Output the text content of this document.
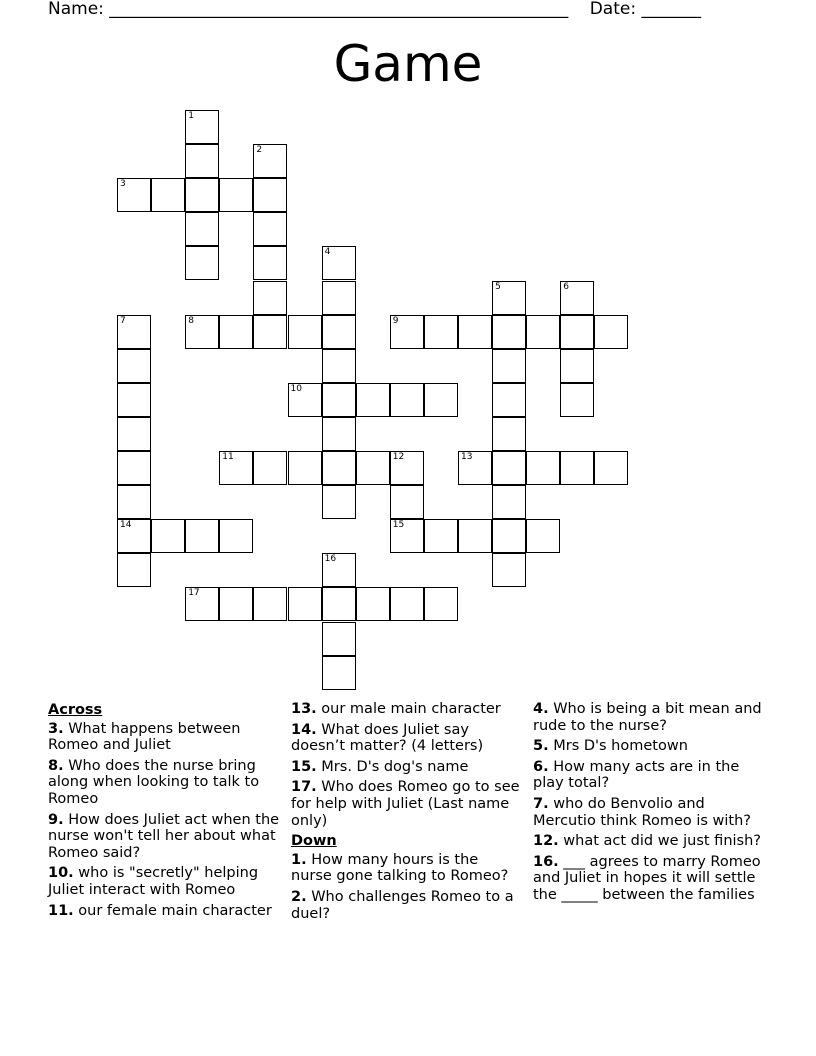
Name: ______________________________________________________ Date: _______
Game
1
2
3
4
5	6
7	8	9
10
11	12	13
14	15
16
17
Across
3. What happens between Romeo and Juliet
8. Who does the nurse bring along when looking to talk to Romeo
9. How does Juliet act when the nurse won't tell her about what Romeo said?
10. who is "secretly" helping Juliet interact with Romeo
11. our female main character
13. our male main character
14. What does Juliet say doesn’t matter? (4 letters)
15. Mrs. D's dog's name
17. Who does Romeo go to see for help with Juliet (Last name only)
Down
1. How many hours is the nurse gone talking to Romeo?
2. Who challenges Romeo to a duel?
4. Who is being a bit mean and rude to the nurse?
5. Mrs D's hometown
6. How many acts are in the play total?
7. who do Benvolio and Mercutio think Romeo is with?
12. what act did we just finish?
16. ___ agrees to marry Romeo and Juliet in hopes it will settle the _____ between the families
